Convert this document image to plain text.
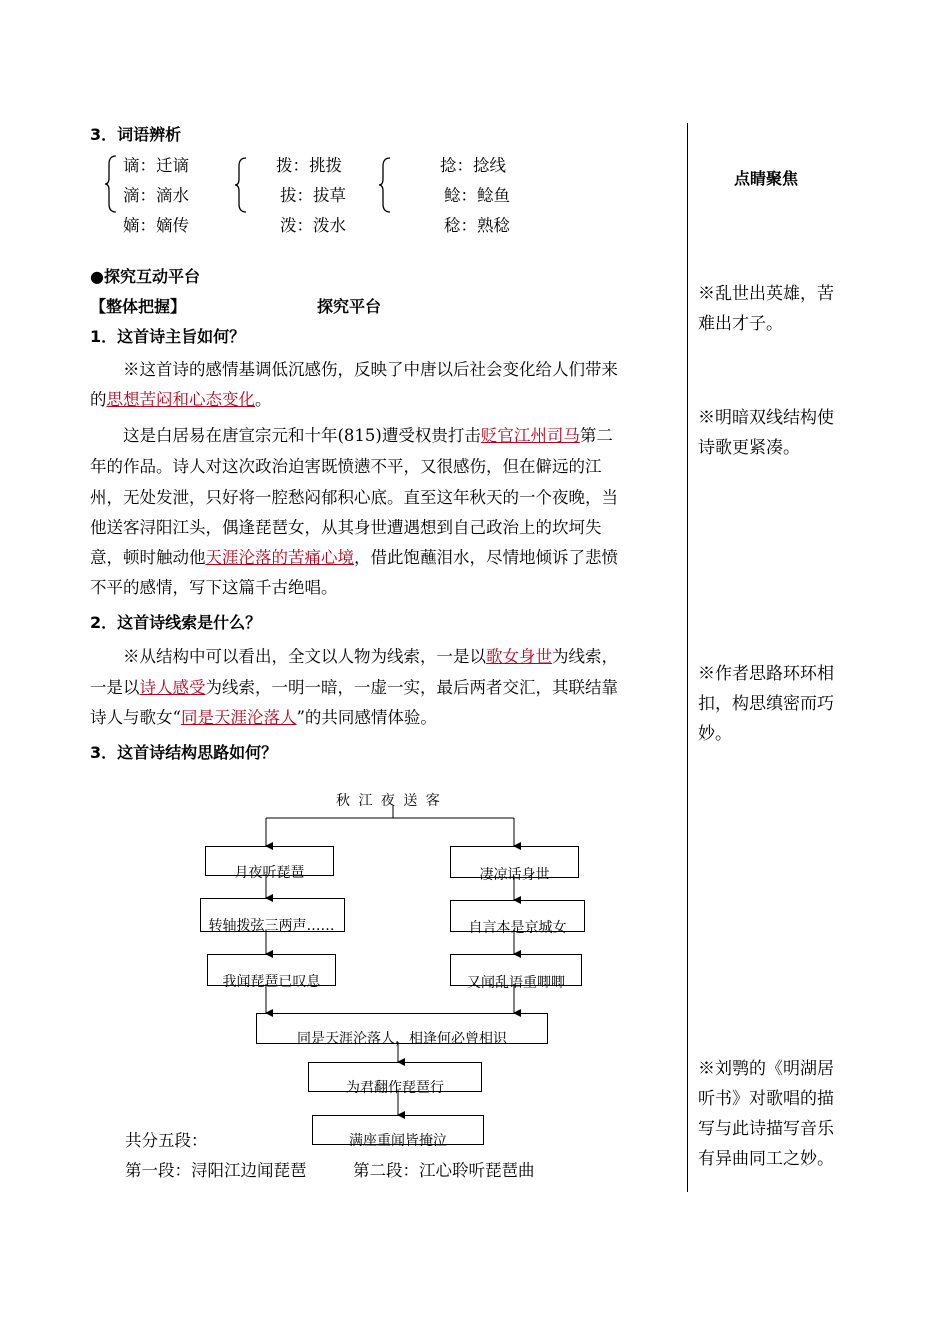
3．词语辨析
谪：迁谪
滴：滴水
嫡：嫡传
拨：挑拨
拔：拔草
泼：泼水
捻：捻线
鲶：鲶鱼
稔：熟稔
●探究互动平台
【整体把握】	探究平台
1．这首诗主旨如何？
※这首诗的感情基调低沉感伤，反映了中唐以后社会变化给人们带来
的思想苦闷和心态变化。
这是白居易在唐宣宗元和十年(815)遭受权贵打击贬官江州司马第二
年的作品。诗人对这次政治迫害既愤懑不平，又很感伤，但在僻远的江
州，无处发泄，只好将一腔愁闷郁积心底。直至这年秋天的一个夜晚，当
他送客浔阳江头，偶逢琵琶女，从其身世遭遇想到自己政治上的坎坷失
意，顿时触动他天涯沦落的苦痛心境，借此饱蘸泪水，尽情地倾诉了悲愤
不平的感情，写下这篇千古绝唱。
2．这首诗线索是什么？
※从结构中可以看出，全文以人物为线索，一是以歌女身世为线索，
一是以诗人感受为线索，一明一暗，一虚一实，最后两者交汇，其联结靠
诗人与歌女“同是天涯沦落人”的共同感情体验。
3．这首诗结构思路如何？
秋 江 夜 送 客
月夜听琵琶
转轴拨弦三两声……
我闻琵琶已叹息
凄凉话身世
自言本是京城女
又闻乱语重唧唧
同是天涯沦落人，相逢何必曾相识
为君翻作琵琶行
满座重闻皆掩泣
共分五段：
第一段：浔阳江边闻琵琶	第二段：江心聆听琵琶曲
点睛聚焦
※乱世出英雄，苦
难出才子。
※明暗双线结构使
诗歌更紧凑。
※作者思路环环相
扣，构思缜密而巧
妙。
※刘鹗的《明湖居
听书》对歌唱的描
写与此诗描写音乐
有异曲同工之妙。
